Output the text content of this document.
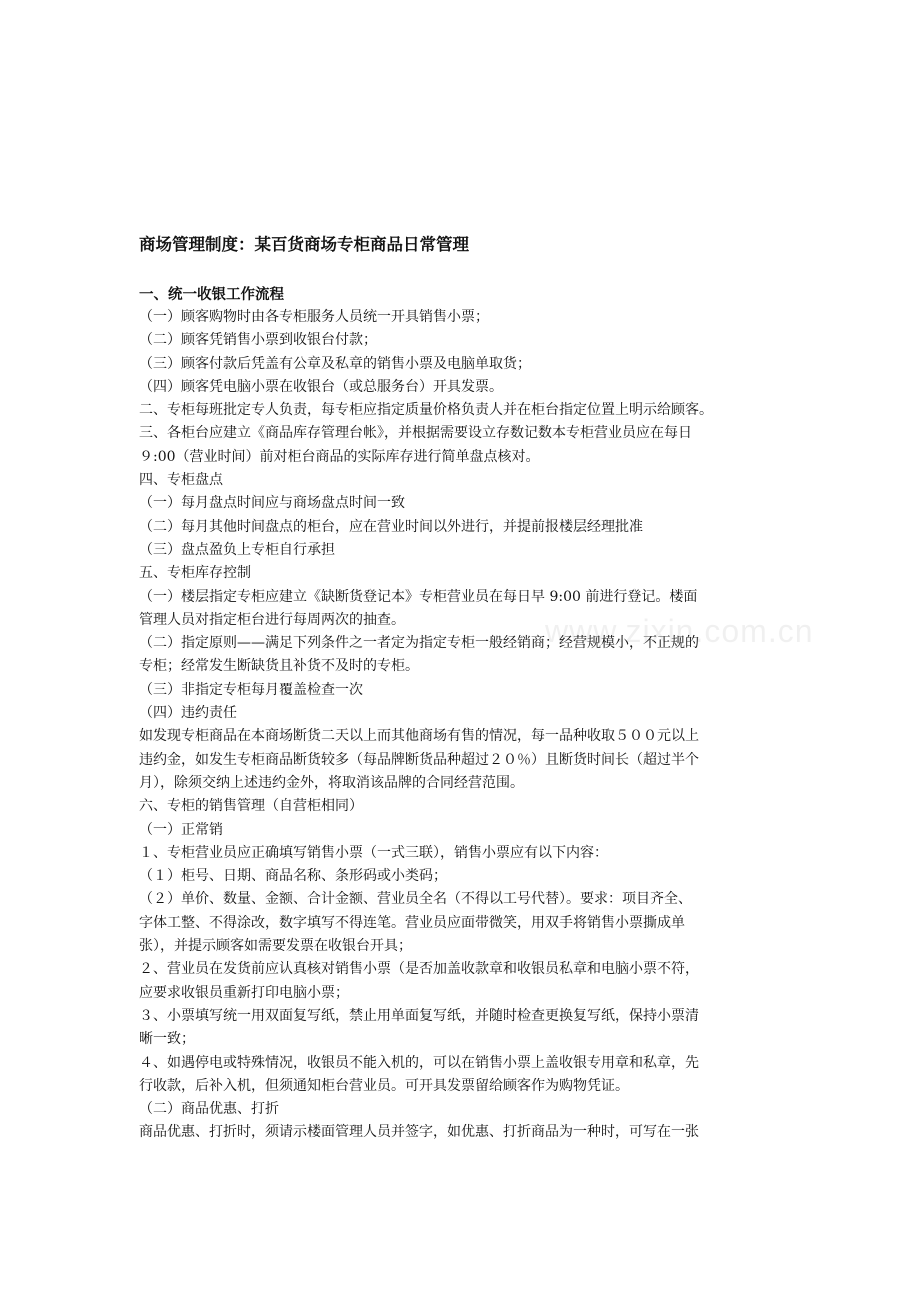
商场管理制度：某百货商场专柜商品日常管理
一、统一收银工作流程
（一）顾客购物时由各专柜服务人员统一开具销售小票；
（二）顾客凭销售小票到收银台付款；
（三）顾客付款后凭盖有公章及私章的销售小票及电脑单取货；
（四）顾客凭电脑小票在收银台（或总服务台）开具发票。
二、专柜每班批定专人负责，每专柜应指定质量价格负责人并在柜台指定位置上明示给顾客。
三、各柜台应建立《商品库存管理台帐》，并根据需要设立存数记数本专柜营业员应在每日
９:00（营业时间）前对柜台商品的实际库存进行简单盘点核对。
四、专柜盘点
（一）每月盘点时间应与商场盘点时间一致
（二）每月其他时间盘点的柜台，应在营业时间以外进行，并提前报楼层经理批准
（三）盘点盈负上专柜自行承担
五、专柜库存控制
（一）楼层指定专柜应建立《缺断货登记本》专柜营业员在每日早 9:00 前进行登记。楼面
管理人员对指定柜台进行每周两次的抽查。
（二）指定原则——满足下列条件之一者定为指定专柜一般经销商；经营规模小，不正规的
专柜；经常发生断缺货且补货不及时的专柜。
（三）非指定专柜每月覆盖检查一次
（四）违约责任
如发现专柜商品在本商场断货二天以上而其他商场有售的情况，每一品种收取５００元以上
违约金，如发生专柜商品断货较多（每品牌断货品种超过２０％）且断货时间长（超过半个
月），除须交纳上述违约金外，将取消该品牌的合同经营范围。
六、专柜的销售管理（自营柜相同）
（一）正常销
１、专柜营业员应正确填写销售小票（一式三联），销售小票应有以下内容：
（１）柜号、日期、商品名称、条形码或小类码；
（２）单价、数量、金额、合计金额、营业员全名（不得以工号代替）。要求：项目齐全、
字体工整、不得涂改，数字填写不得连笔。营业员应面带微笑，用双手将销售小票撕成单
张），并提示顾客如需要发票在收银台开具；
２、营业员在发货前应认真核对销售小票（是否加盖收款章和收银员私章和电脑小票不符，
应要求收银员重新打印电脑小票；
３、小票填写统一用双面复写纸，禁止用单面复写纸，并随时检查更换复写纸，保持小票清
晰一致；
４、如遇停电或特殊情况，收银员不能入机的，可以在销售小票上盖收银专用章和私章，先
行收款，后补入机，但须通知柜台营业员。可开具发票留给顾客作为购物凭证。
（二）商品优惠、打折
商品优惠、打折时，须请示楼面管理人员并签字，如优惠、打折商品为一种时，可写在一张
www.zixin.com.cn
